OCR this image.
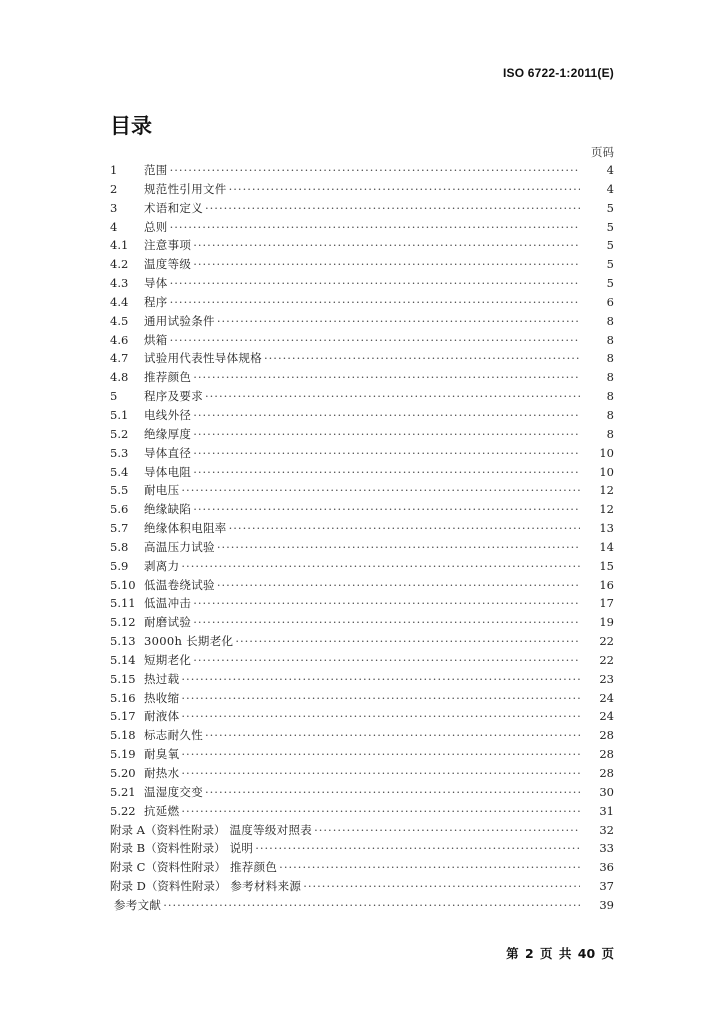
ISO 6722-1:2011(E)
目录
页码
1	范围 ·····	4
2	规范性引用文件 ·····	4
3	术语和定义 ·····	5
4	总则 ·····	5
4.1	注意事项 ·····	5
4.2	温度等级 ·····	5
4.3	导体 ·····	5
4.4	程序 ·····	6
4.5	通用试验条件 ·····	8
4.6	烘箱 ·····	8
4.7	试验用代表性导体规格 ·····	8
4.8	推荐颜色 ·····	8
5	程序及要求 ·····	8
5.1	电线外径 ·····	8
5.2	绝缘厚度 ·····	8
5.3	导体直径 ·····	10
5.4	导体电阻 ·····	10
5.5	耐电压 ·····	12
5.6	绝缘缺陷 ·····	12
5.7	绝缘体积电阻率 ·····	13
5.8	高温压力试验 ·····	14
5.9	剥离力 ·····	15
5.10 低温卷绕试验 ·····	16
5.11 低温冲击 ·····	17
5.12 耐磨试验 ·····	19
5.13 3000h 长期老化 ·····	22
5.14 短期老化 ·····	22
5.15 热过载 ·····	23
5.16 热收缩 ·····	24
5.17 耐液体 ·····	24
5.18 标志耐久性 ·····	28
5.19 耐臭氧 ·····	28
5.20 耐热水 ·····	28
5.21 温湿度交变 ·····	30
5.22 抗延燃 ·····	31
附录 A（资料性附录） 温度等级对照表 ·····	32
附录 B（资料性附录） 说明 ·····	33
附录 C（资料性附录） 推荐颜色 ·····	36
附录 D（资料性附录） 参考材料来源 ·····	37
参考文献 ·····	39
第 2 页 共 40 页
